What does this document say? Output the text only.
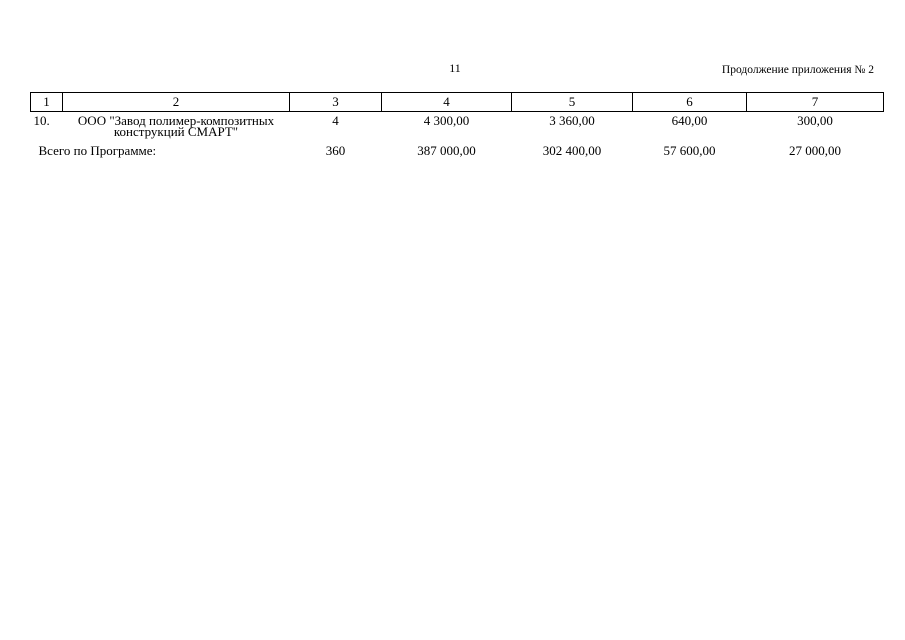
11	Продолжение приложения № 2
1	2	3	4	5	6	7
10.	ООО "Завод полимер-композитных конструкций СМАРТ"	4	4 300,00	3 360,00	640,00	300,00
Всего по Программе:		360	387 000,00	302 400,00	57 600,00	27 000,00
